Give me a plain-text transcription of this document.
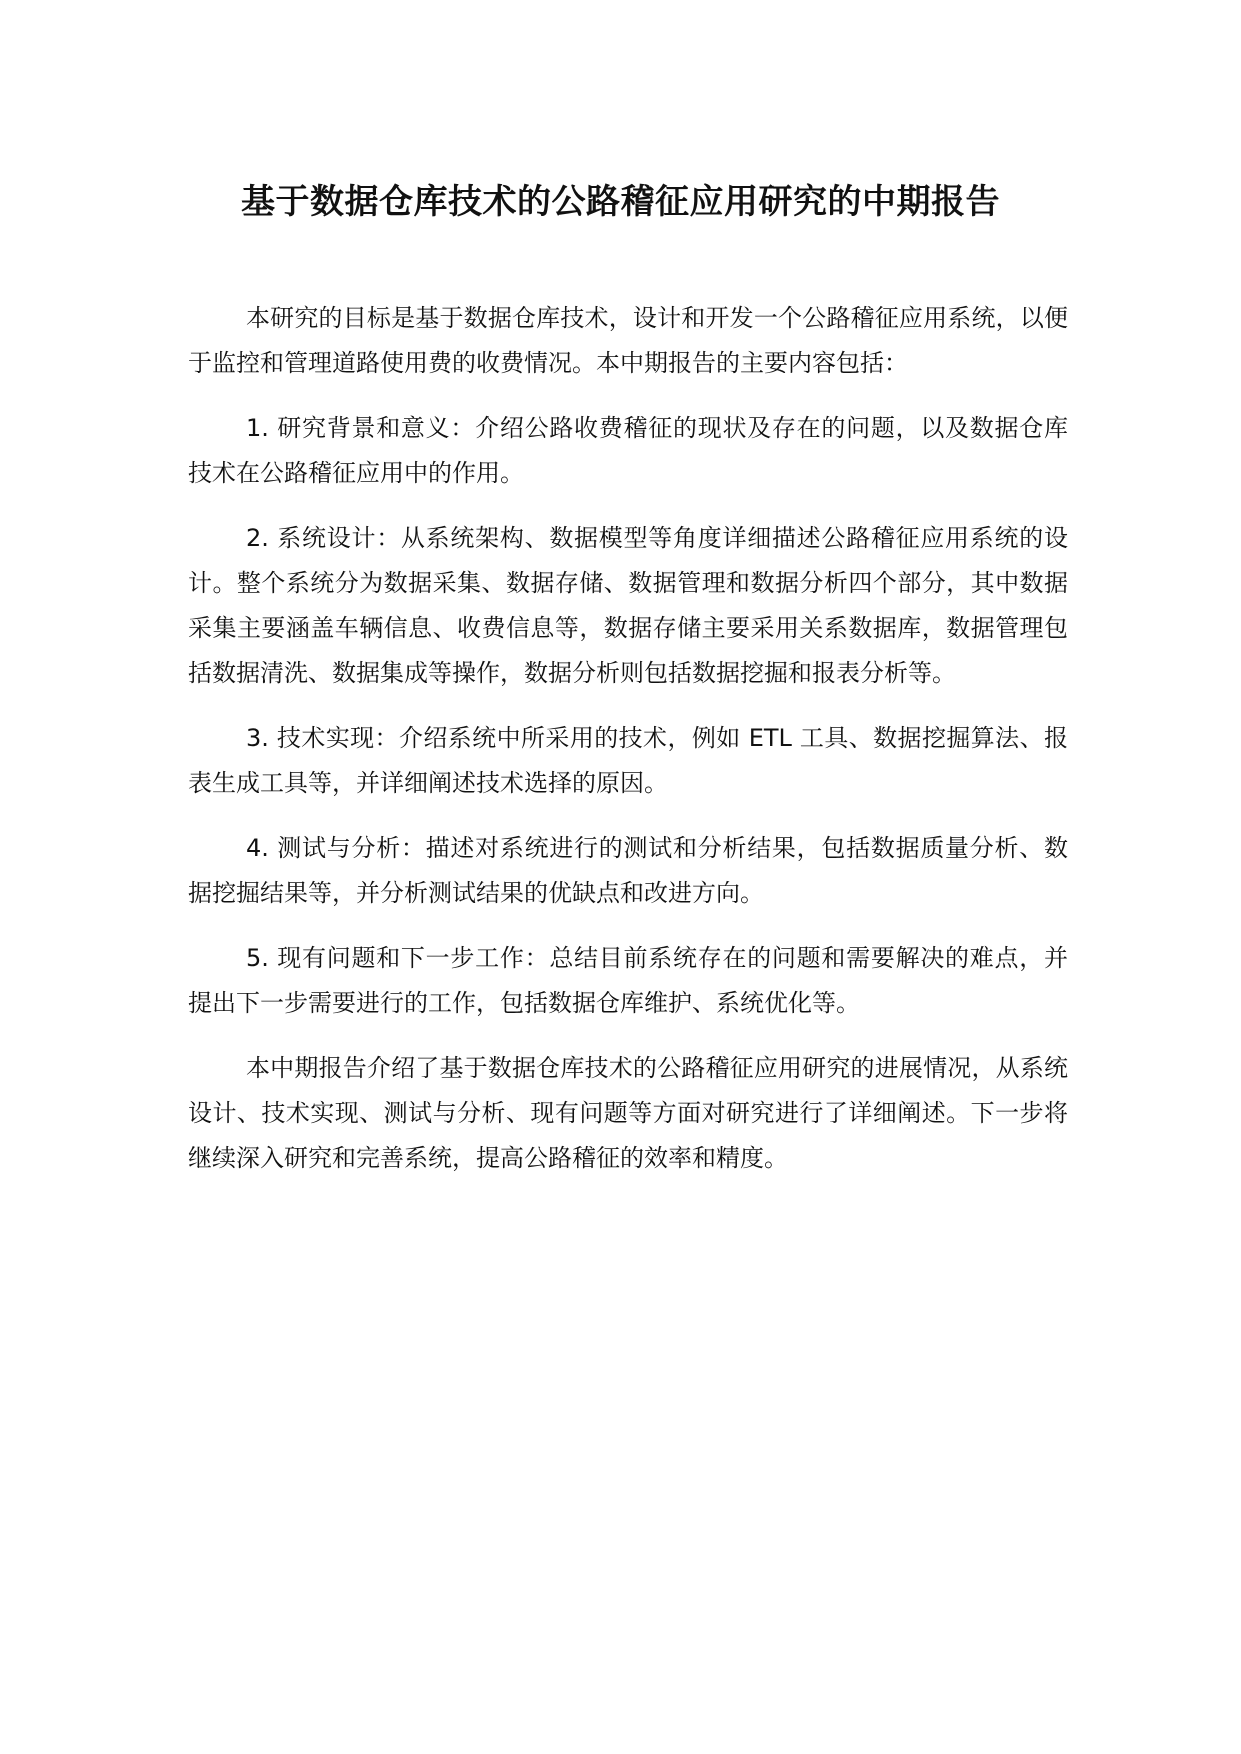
基于数据仓库技术的公路稽征应用研究的中期报告

本研究的目标是基于数据仓库技术，设计和开发一个公路稽征应用系统，以便于监控和管理道路使用费的收费情况。本中期报告的主要内容包括：

1. 研究背景和意义：介绍公路收费稽征的现状及存在的问题，以及数据仓库技术在公路稽征应用中的作用。

2. 系统设计：从系统架构、数据模型等角度详细描述公路稽征应用系统的设计。整个系统分为数据采集、数据存储、数据管理和数据分析四个部分，其中数据采集主要涵盖车辆信息、收费信息等，数据存储主要采用关系数据库，数据管理包括数据清洗、数据集成等操作，数据分析则包括数据挖掘和报表分析等。

3. 技术实现：介绍系统中所采用的技术，例如 ETL 工具、数据挖掘算法、报表生成工具等，并详细阐述技术选择的原因。

4. 测试与分析：描述对系统进行的测试和分析结果，包括数据质量分析、数据挖掘结果等，并分析测试结果的优缺点和改进方向。

5. 现有问题和下一步工作：总结目前系统存在的问题和需要解决的难点，并提出下一步需要进行的工作，包括数据仓库维护、系统优化等。

本中期报告介绍了基于数据仓库技术的公路稽征应用研究的进展情况，从系统设计、技术实现、测试与分析、现有问题等方面对研究进行了详细阐述。下一步将继续深入研究和完善系统，提高公路稽征的效率和精度。
